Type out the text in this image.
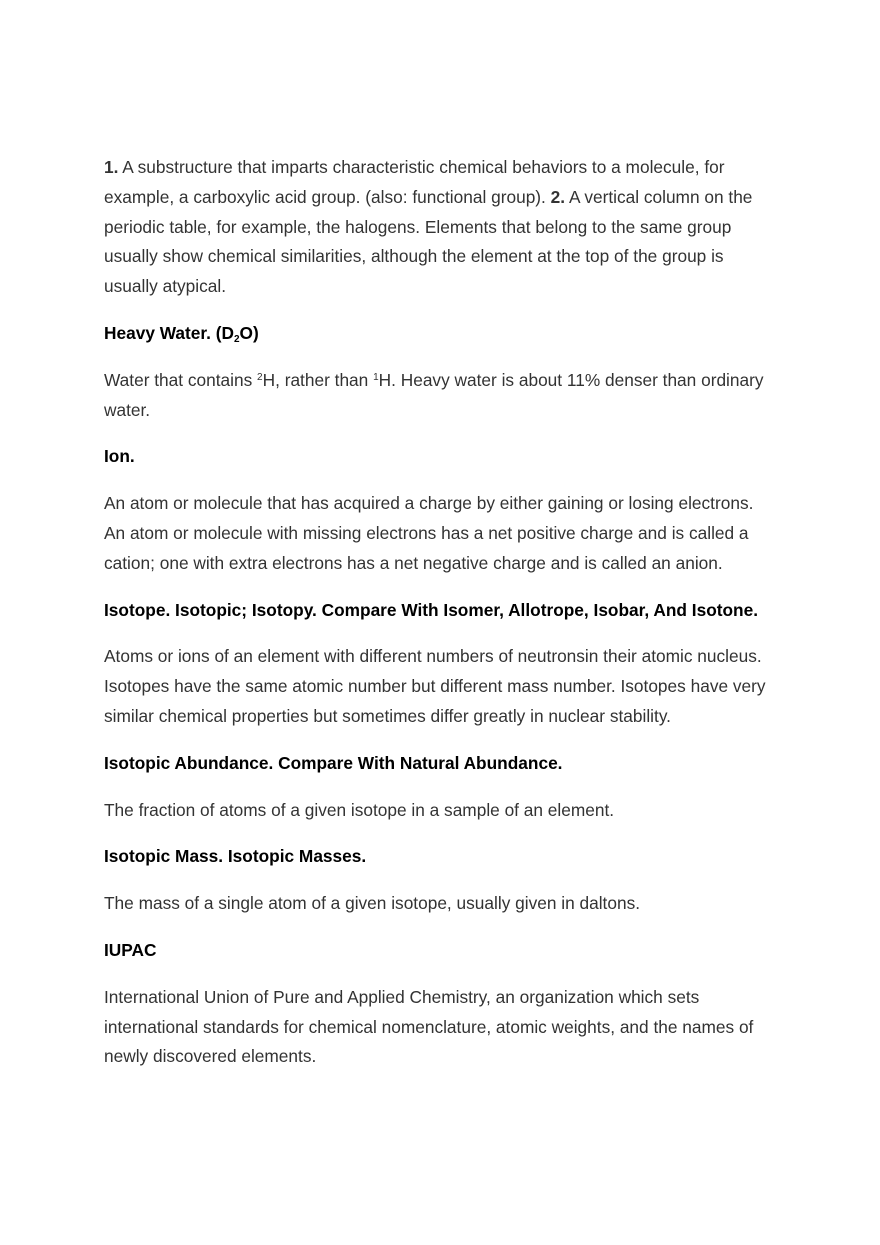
1. A substructure that imparts characteristic chemical behaviors to a molecule, for example, a carboxylic acid group. (also: functional group). 2. A vertical column on the periodic table, for example, the halogens. Elements that belong to the same group usually show chemical similarities, although the element at the top of the group is usually atypical.

Heavy Water. $(D_2O)$

Water that contains $^2$H, rather than $^1$H. Heavy water is about 11% denser than ordinary water.

Ion.

An atom or molecule that has acquired a charge by either gaining or losing electrons. An atom or molecule with missing electrons has a net positive charge and is called a cation; one with extra electrons has a net negative charge and is called an anion.

Isotope. Isotopic; Isotopy. Compare With Isomer, Allotrope, Isobar, And Isotone.

Atoms or ions of an element with different numbers of neutronsin their atomic nucleus. Isotopes have the same atomic number but different mass number. Isotopes have very similar chemical properties but sometimes differ greatly in nuclear stability.

Isotopic Abundance. Compare With Natural Abundance.

The fraction of atoms of a given isotope in a sample of an element.

Isotopic Mass. Isotopic Masses.

The mass of a single atom of a given isotope, usually given in daltons.

IUPAC

International Union of Pure and Applied Chemistry, an organization which sets international standards for chemical nomenclature, atomic weights, and the names of newly discovered elements.
